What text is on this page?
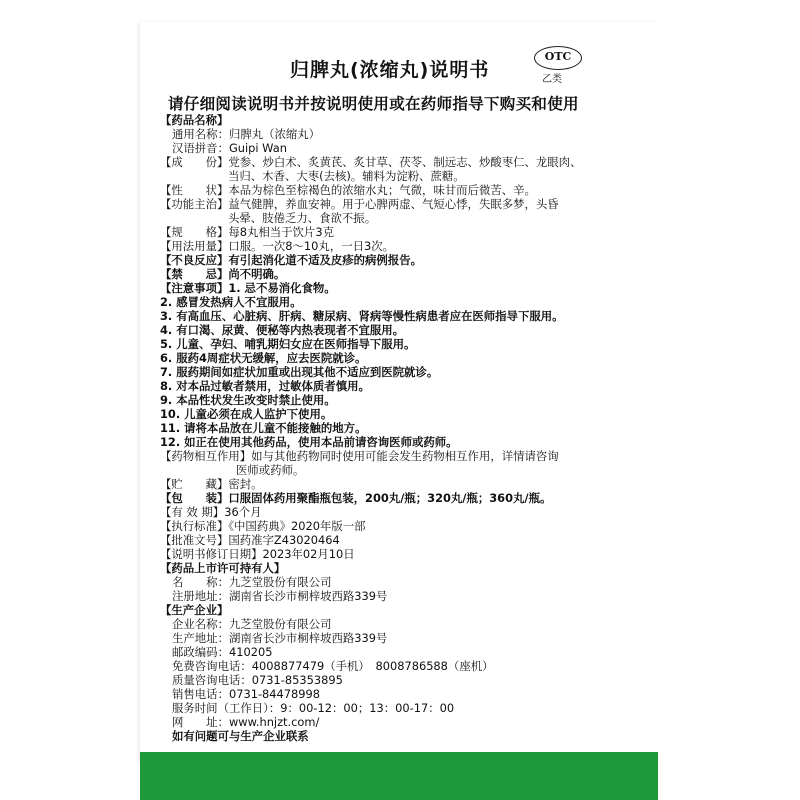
归脾丸(浓缩丸)说明书
OTC
乙类
请仔细阅读说明书并按说明使用或在药师指导下购买和使用
【药品名称】
通用名称：归脾丸（浓缩丸）
汉语拼音：Guipi Wan
【成　　份】党参、炒白术、炙黄芪、炙甘草、茯苓、制远志、炒酸枣仁、龙眼肉、
当归、木香、大枣(去核)。辅料为淀粉、蔗糖。
【性　　状】本品为棕色至棕褐色的浓缩水丸；气微，味甘而后微苦、辛。
【功能主治】益气健脾，养血安神。用于心脾两虚、气短心悸，失眠多梦，头昏
头晕、肢倦乏力、食欲不振。
【规　　格】每8丸相当于饮片3克
【用法用量】口服。一次8～10丸，一日3次。
【不良反应】有引起消化道不适及皮疹的病例报告。
【禁　　忌】尚不明确。
【注意事项】1. 忌不易消化食物。
2. 感冒发热病人不宜服用。
3. 有高血压、心脏病、肝病、糖尿病、肾病等慢性病患者应在医师指导下服用。
4. 有口渴、尿黄、便秘等内热表现者不宜服用。
5. 儿童、孕妇、哺乳期妇女应在医师指导下服用。
6. 服药4周症状无缓解，应去医院就诊。
7. 服药期间如症状加重或出现其他不适应到医院就诊。
8. 对本品过敏者禁用，过敏体质者慎用。
9. 本品性状发生改变时禁止使用。
10. 儿童必须在成人监护下使用。
11. 请将本品放在儿童不能接触的地方。
12. 如正在使用其他药品，使用本品前请咨询医师或药师。
【药物相互作用】如与其他药物同时使用可能会发生药物相互作用，详情请咨询
医师或药师。
【贮　　藏】密封。
【包　　装】口服固体药用聚酯瓶包装，200丸/瓶；320丸/瓶；360丸/瓶。
【有 效 期】36个月
【执行标准】《中国药典》2020年版一部
【批准文号】国药准字Z43020464
【说明书修订日期】2023年02月10日
【药品上市许可持有人】
名　　称：九芝堂股份有限公司
注册地址：湖南省长沙市桐梓坡西路339号
【生产企业】
企业名称：九芝堂股份有限公司
生产地址：湖南省长沙市桐梓坡西路339号
邮政编码：410205
免费咨询电话：4008877479（手机）　8008786588（座机）
质量咨询电话：0731-85353895
销售电话：0731-84478998
服务时间（工作日）：9：00-12：00；13：00-17：00
网　　址：www.hnjzt.com/
如有问题可与生产企业联系
